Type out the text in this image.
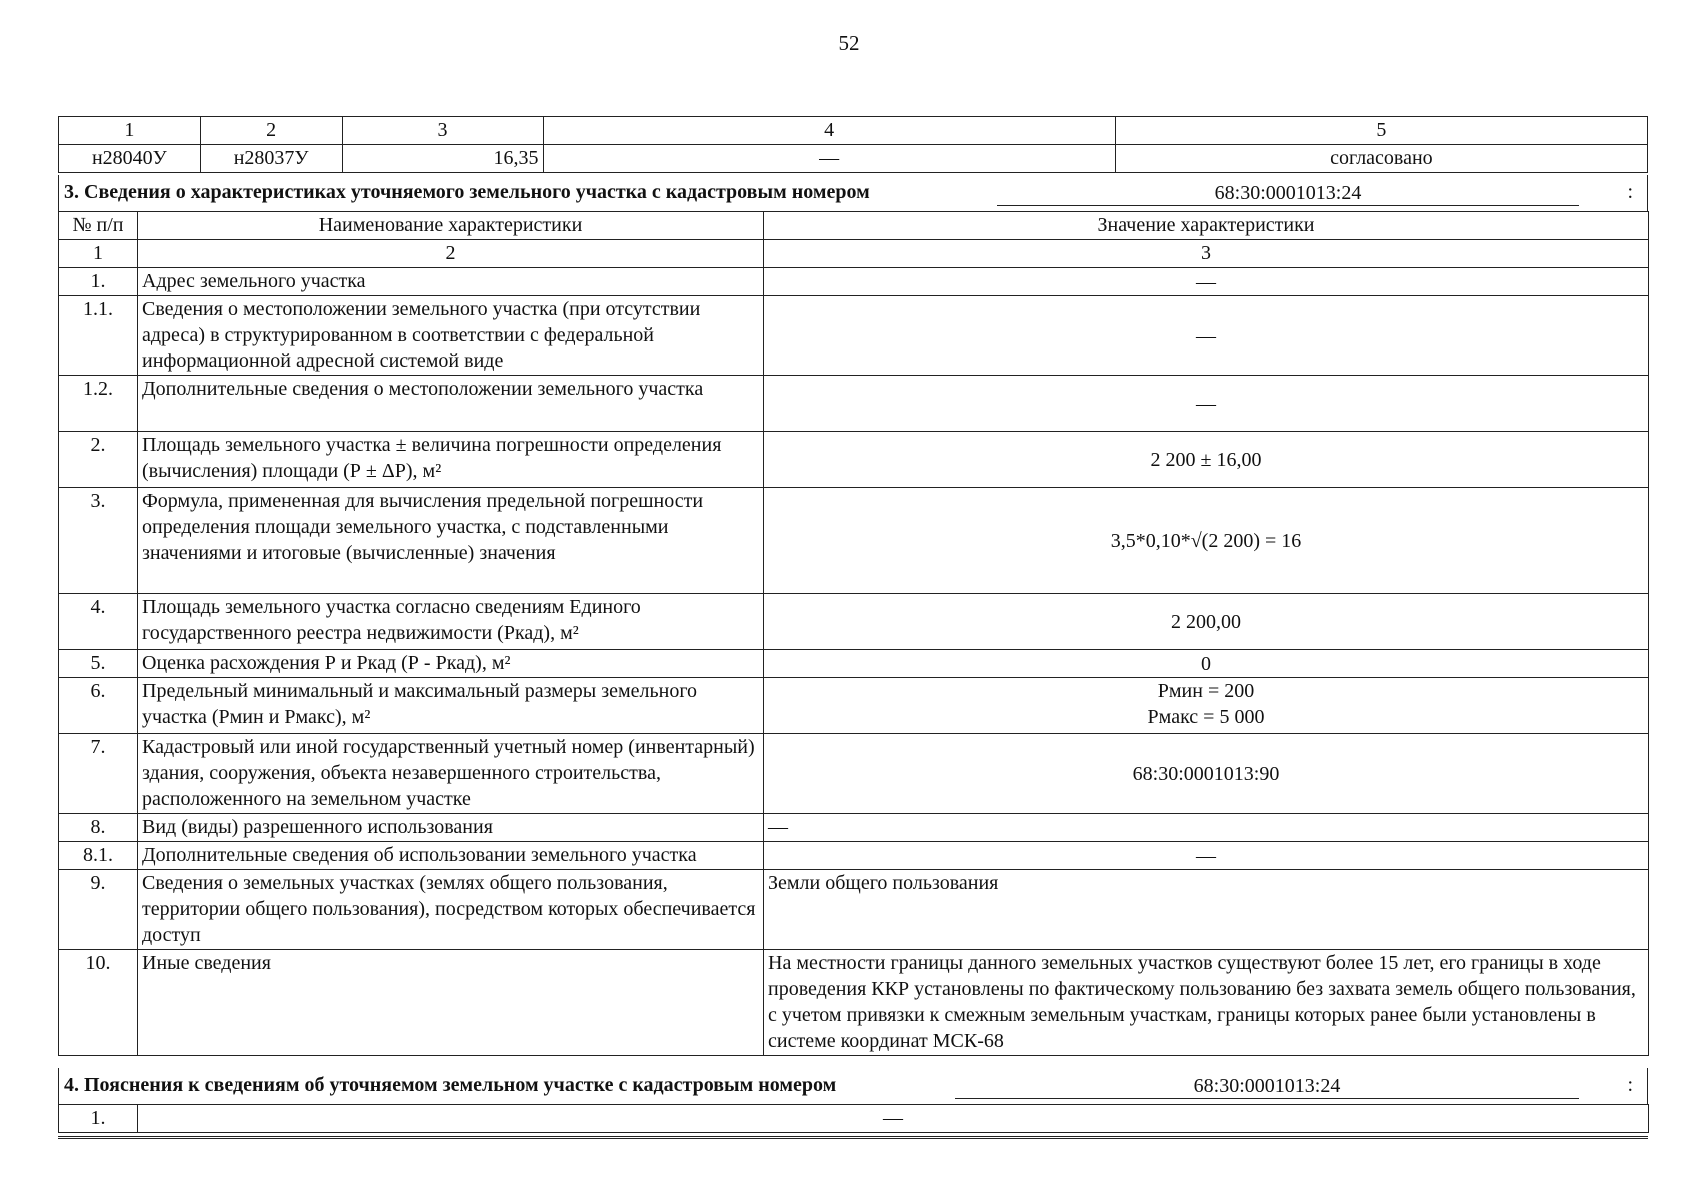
52
1	2	3	4	5
н28040У	н28037У	16,35	—	согласовано
3. Сведения о характеристиках уточняемого земельного участка с кадастровым номером	68:30:0001013:24	:
№ п/п	Наименование характеристики	Значение характеристики
1	2	3
1.	Адрес земельного участка	—
1.1.	Сведения о местоположении земельного участка (при отсутствии адреса) в структурированном в соответствии с федеральной информационной адресной системой виде	—
1.2.	Дополнительные сведения о местоположении земельного участка	—
2.	Площадь земельного участка ± величина погрешности определения (вычисления) площади (Р ± ΔР), м²	2 200 ± 16,00
3.	Формула, примененная для вычисления предельной погрешности определения площади земельного участка, с подставленными значениями и итоговые (вычисленные) значения	3,5*0,10*√(2 200) = 16
4.	Площадь земельного участка согласно сведениям Единого государственного реестра недвижимости (Ркад), м²	2 200,00
5.	Оценка расхождения Р и Ркад (Р - Ркад), м²	0
6.	Предельный минимальный и максимальный размеры земельного участка (Рмин и Рмакс), м²	Рмин = 200
Рмакс = 5 000

7.	Кадастровый или иной государственный учетный номер (инвентарный) здания, сооружения, объекта незавершенного строительства, расположенного на земельном участке	68:30:0001013:90
8.	Вид (виды) разрешенного использования	—
8.1.	Дополнительные сведения об использовании земельного участка	—
9.	Сведения о земельных участках (землях общего пользования, территории общего пользования), посредством которых обеспечивается доступ	Земли общего пользования
10.	Иные сведения	На местности границы данного земельных участков существуют более 15 лет, его границы в ходе проведения ККР установлены по фактическому пользованию без захвата земель общего пользования, с учетом привязки к смежным земельным участкам, границы которых ранее были установлены в системе координат МСК-68
4. Пояснения к сведениям об уточняемом земельном участке с кадастровым номером	68:30:0001013:24	:
1.	—
